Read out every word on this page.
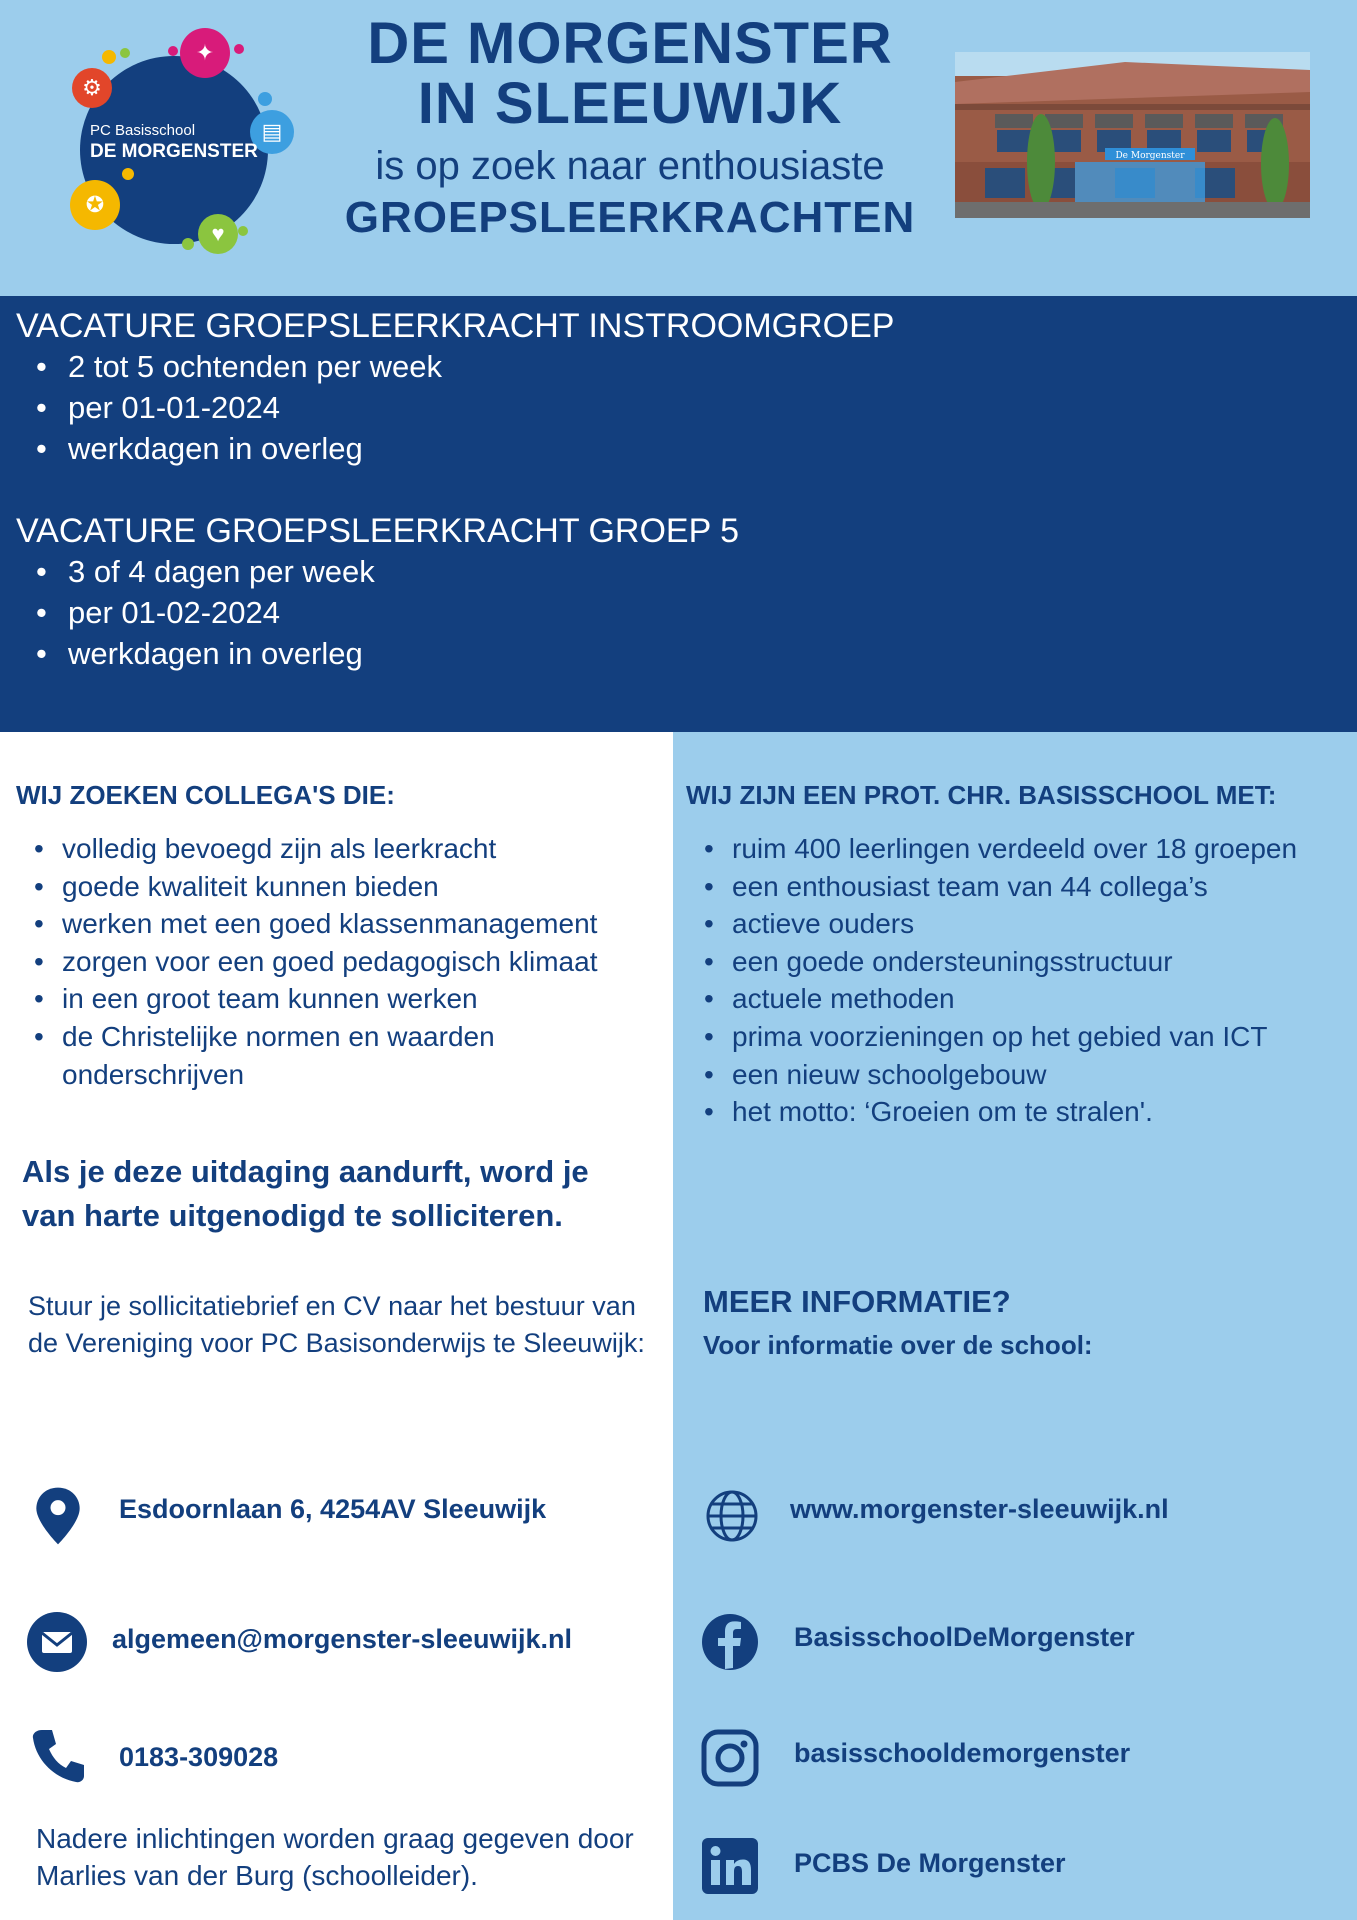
⚙
✦
▤
✪
♥
PC Basisschool
DE MORGENSTER
DE MORGENSTER
IN SLEEUWIJK
is op zoek naar enthousiaste
GROEPSLEERKRACHTEN
De Morgenster
VACATURE GROEPSLEERKRACHT INSTROOMGROEP
• 2 tot 5 ochtenden per week
• per 01-01-2024
• werkdagen in overleg
VACATURE GROEPSLEERKRACHT GROEP 5
• 3 of 4 dagen per week
• per 01-02-2024
• werkdagen in overleg
WIJ ZOEKEN COLLEGA'S DIE:
• volledig bevoegd zijn als leerkracht
• goede kwaliteit kunnen bieden
• werken met een goed klassenmanagement
• zorgen voor een goed pedagogisch klimaat
• in een groot team kunnen werken
• de Christelijke normen en waarden onderschrijven
Als je deze uitdaging aandurft, word je van harte uitgenodigd te solliciteren.
Stuur je sollicitatiebrief en CV naar het bestuur van de Vereniging voor PC Basisonderwijs te Sleeuwijk:
WIJ ZIJN EEN PROT. CHR. BASISSCHOOL MET:
• ruim 400 leerlingen verdeeld over 18 groepen
• een enthousiast team van 44 collega’s
• actieve ouders
• een goede ondersteuningsstructuur
• actuele methoden
• prima voorzieningen op het gebied van ICT
• een nieuw schoolgebouw
• het motto: ‘Groeien om te stralen'.
MEER INFORMATIE?
Voor informatie over de school:
Esdoornlaan 6, 4254AV Sleeuwijk
algemeen@morgenster-sleeuwijk.nl
0183-309028
Nadere inlichtingen worden graag gegeven door Marlies van der Burg (schoolleider).
www.morgenster-sleeuwijk.nl
BasisschoolDeMorgenster
basisschooldemorgenster
PCBS De Morgenster
